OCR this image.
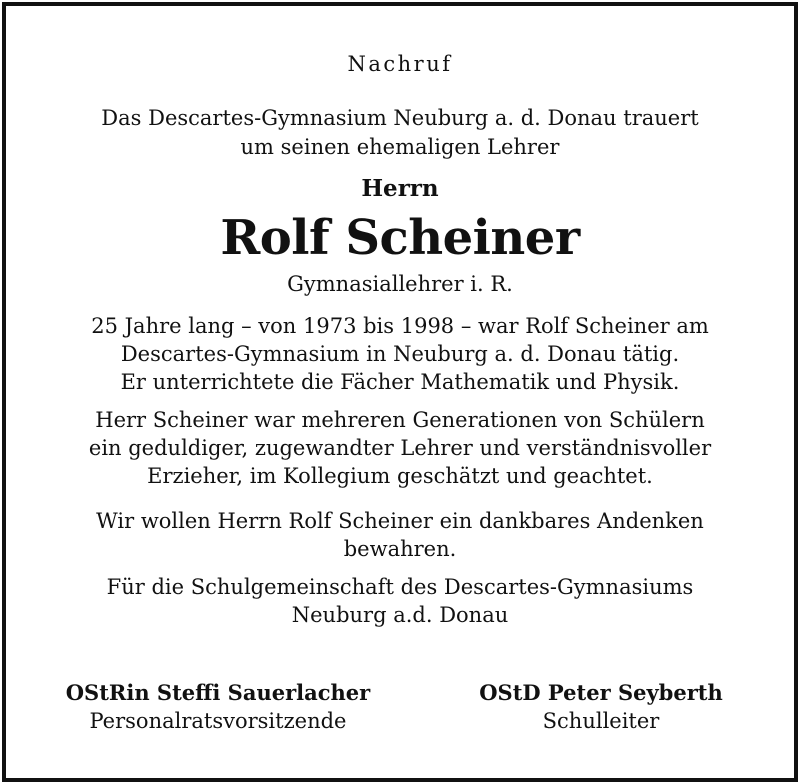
Nachruf
Das Descartes-Gymnasium Neuburg a. d. Donau trauert
um seinen ehemaligen Lehrer
Herrn
Rolf Scheiner
Gymnasiallehrer i. R.
25 Jahre lang – von 1973 bis 1998 – war Rolf Scheiner am
Descartes-Gymnasium in Neuburg a. d. Donau tätig.
Er unterrichtete die Fächer Mathematik und Physik.
Herr Scheiner war mehreren Generationen von Schülern
ein geduldiger, zugewandter Lehrer und verständnisvoller
Erzieher, im Kollegium geschätzt und geachtet.
Wir wollen Herrn Rolf Scheiner ein dankbares Andenken
bewahren.
Für die Schulgemeinschaft des Descartes-Gymnasiums
Neuburg a.d. Donau
OStRin Steffi Sauerlacher
Personalratsvorsitzende
OStD Peter Seyberth
Schulleiter
